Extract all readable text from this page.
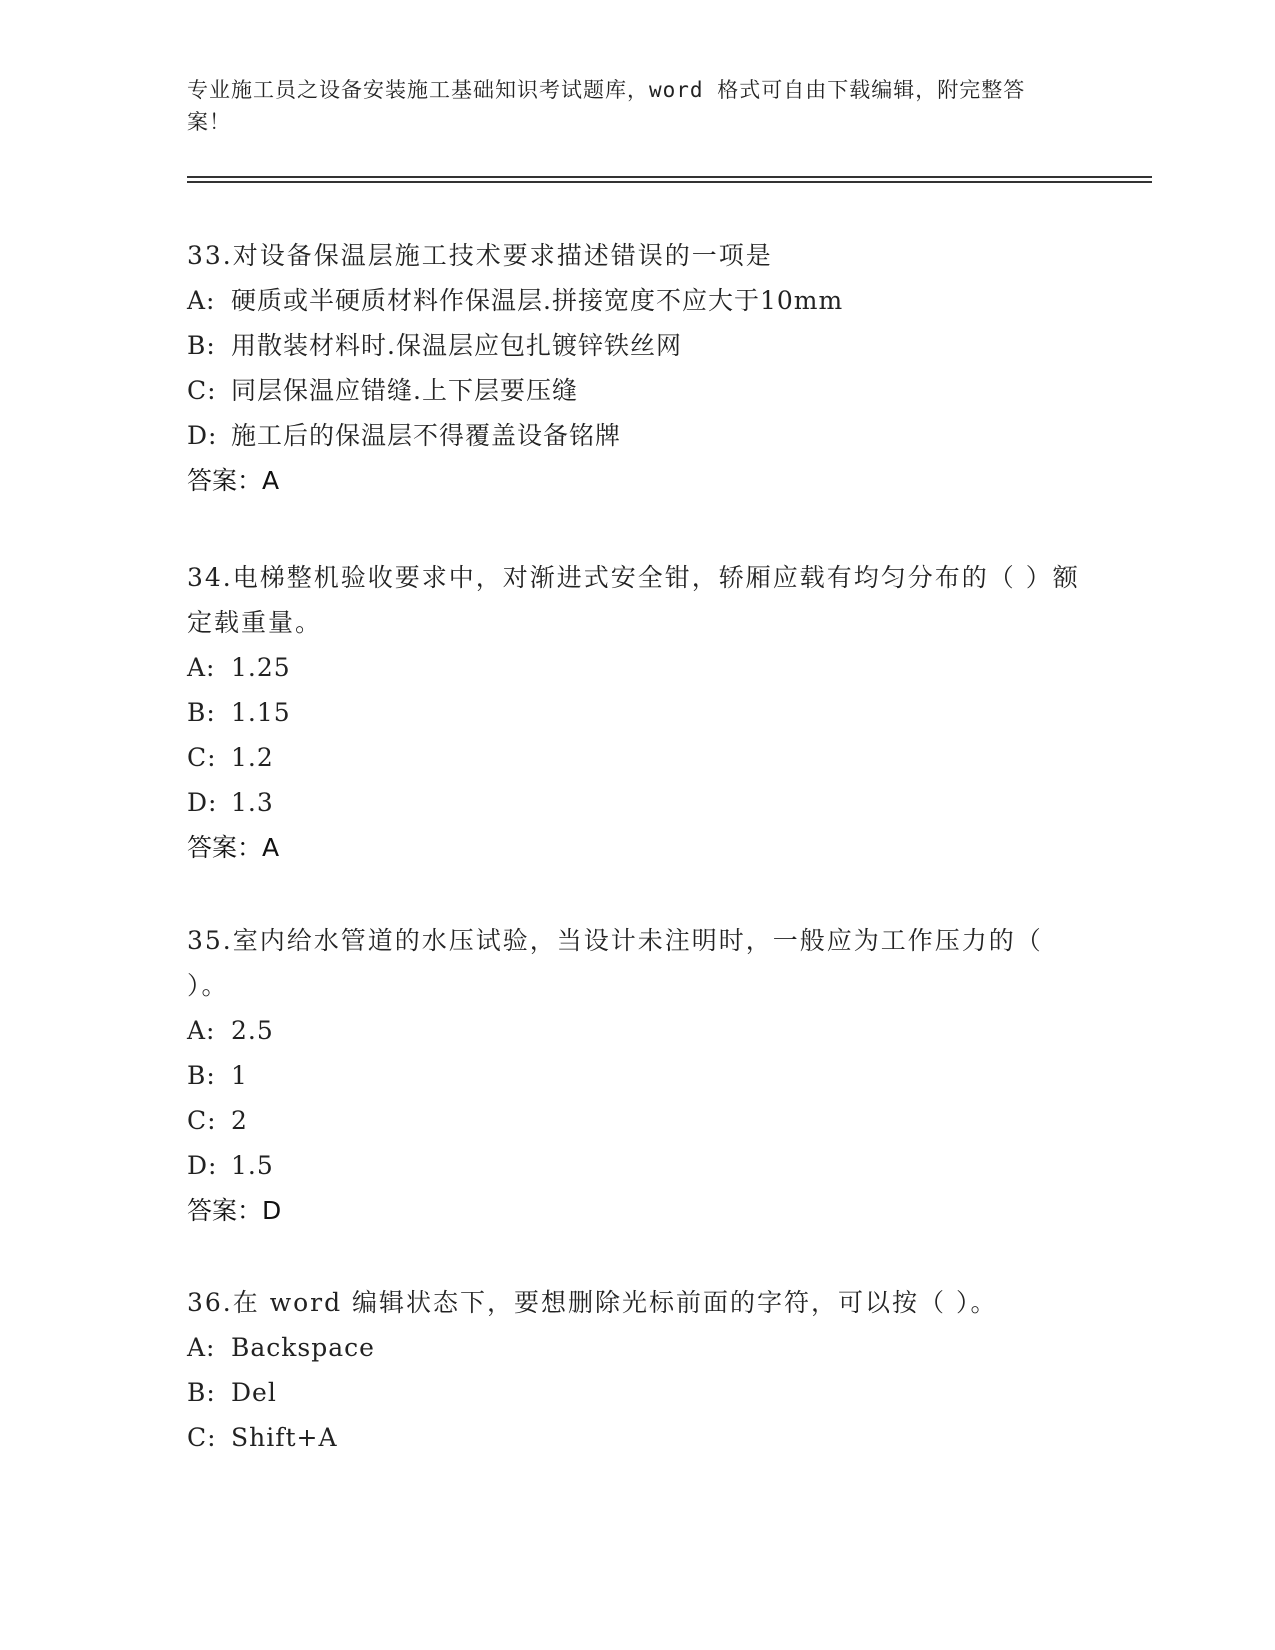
专业施工员之设备安装施工基础知识考试题库，word 格式可自由下载编辑，附完整答案！

33.对设备保温层施工技术要求描述错误的一项是

A: 硬质或半硬质材料作保温层.拼接宽度不应大于10mm

B: 用散装材料时.保温层应包扎镀锌铁丝网

C: 同层保温应错缝.上下层要压缝

D: 施工后的保温层不得覆盖设备铭牌

答案：A

34.电梯整机验收要求中，对渐进式安全钳，轿厢应载有均匀分布的（ ）额定载重量。

A: 1.25

B: 1.15

C: 1.2

D: 1.3

答案：A

35.室内给水管道的水压试验，当设计未注明时，一般应为工作压力的（ ）。

A: 2.5

B: 1

C: 2

D: 1.5

答案：D

36.在 word 编辑状态下，要想删除光标前面的字符，可以按（ ）。

A: Backspace

B: Del

C: Shift+A
